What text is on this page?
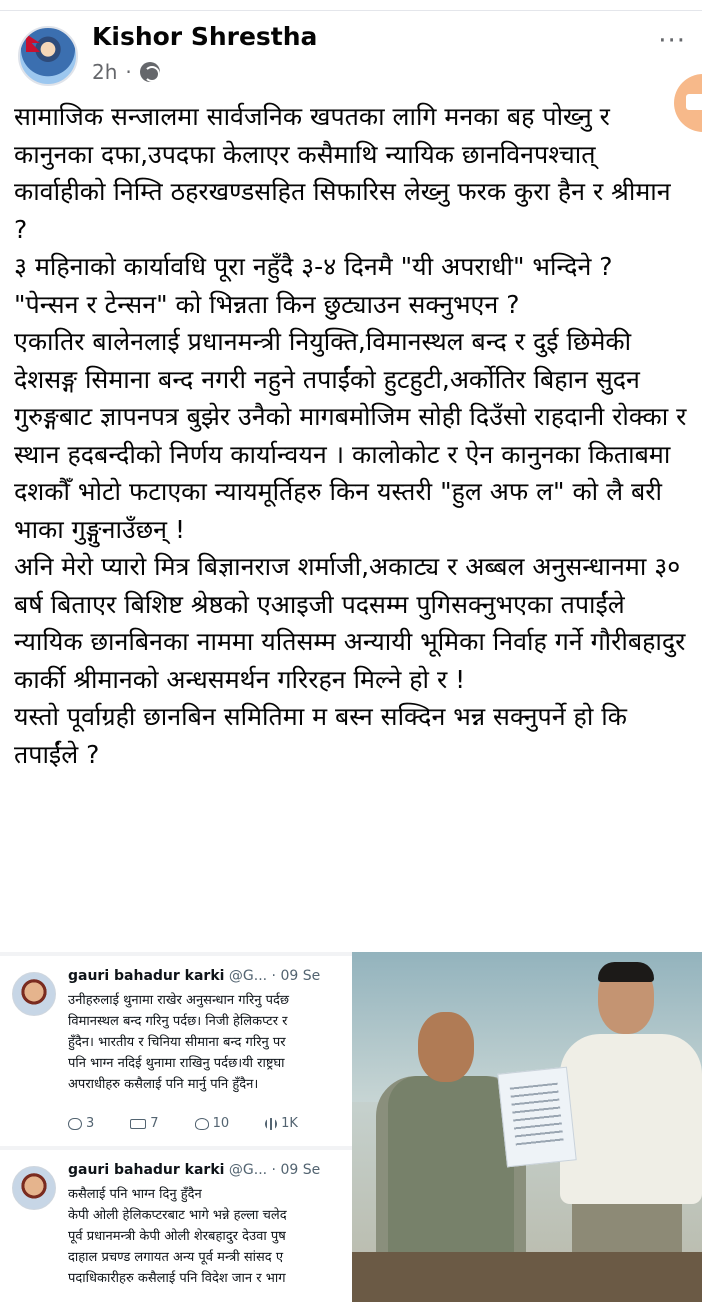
Kishor Shrestha
2h ·
···

सामाजिक सन्जालमा सार्वजनिक खपतका लागि मनका बह पोख्नु र कानुनका दफा,उपदफा केलाएर कसैमाथि न्यायिक छानविनपश्चात् कार्वाहीको निम्ति ठहरखण्डसहित सिफारिस लेख्नु फरक कुरा हैन र श्रीमान ?
३ महिनाको कार्यावधि पूरा नहुँदै ३-४ दिनमै "यी अपराधी" भन्दिने ?
"पेन्सन र टेन्सन" को भिन्नता किन छुट्याउन सक्नुभएन ?
एकातिर बालेनलाई प्रधानमन्त्री नियुक्ति,विमानस्थल बन्द र दुई छिमेकी देशसङ्ग सिमाना बन्द नगरी नहुने तपाईंको हुटहुटी,अर्कोतिर बिहान सुदन गुरुङ्गबाट ज्ञापनपत्र बुझेर उनैको मागबमोजिम सोही दिउँसो राहदानी रोक्का र स्थान हदबन्दीको निर्णय कार्यान्वयन । कालोकोट र ऐन कानुनका किताबमा दशकौँ भोटो फटाएका न्यायमूर्तिहरु किन यस्तरी "हुल अफ ल" को लै बरी भाका गुङ्गुनाउँछन् !
अनि मेरो प्यारो मित्र बिज्ञानराज शर्माजी,अकाट्य र अब्बल अनुसन्धानमा ३० बर्ष बिताएर बिशिष्ट श्रेष्ठको एआइजी पदसम्म पुगिसक्नुभएका तपाईंले न्यायिक छानबिनका नाममा यतिसम्म अन्यायी भूमिका निर्वाह गर्ने गौरीबहादुर कार्की श्रीमानको अन्धसमर्थन गरिरहन मिल्ने हो र !
यस्तो पूर्वाग्रही छानबिन समितिमा म बस्न सक्दिन भन्न सक्नुपर्ने हो कि तपाईंले ?

gauri bahadur karki @G... · 09 Se
उनीहरुलाई थुनामा राखेर अनुसन्धान गरिनु पर्दछ
विमानस्थल बन्द गरिनु पर्दछ। निजी हेलिकप्टर र
हुँदैन। भारतीय र चिनिया सीमाना बन्द गरिनु पर
पनि भाग्न नदिई थुनामा राखिनु पर्दछ।यी राष्ट्रघा
अपराधीहरु कसैलाई पनि मार्नु पनि हुँदैन।
3	7	10	1K
gauri bahadur karki @G... · 09 Se
कसैलाई पनि भाग्न दिनु हुँदैन
केपी ओली हेलिकप्टरबाट भागे भन्ने हल्ला चलेद
पूर्व प्रधानमन्त्री केपी ओली शेरबहादुर देउवा पुष
दाहाल प्रचण्ड लगायत अन्य पूर्व मन्त्री सांसद ए
पदाधिकारीहरु कसैलाई पनि विदेश जान र भाग
